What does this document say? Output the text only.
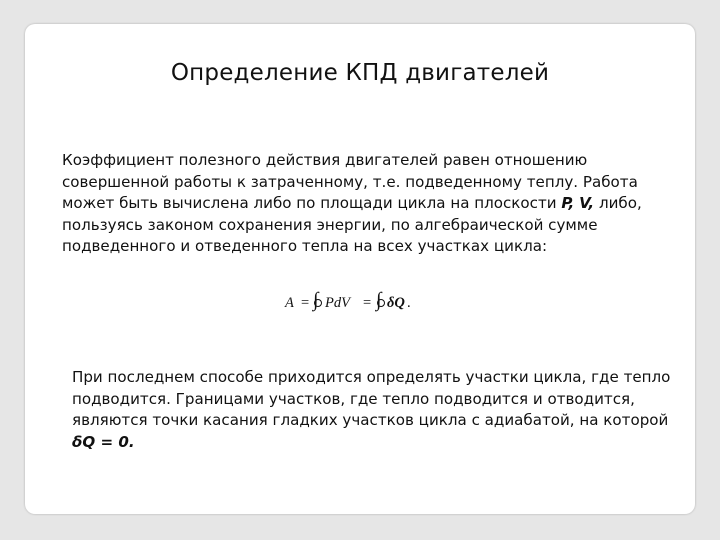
Определение КПД двигателей
Коэффициент полезного действия двигателей равен отношению совершенной работы к затраченному, т.е. подведенному теплу. Работа может быть вычислена либо по площади цикла на плоскости P, V, либо, пользуясь законом сохранения энергии, по алгебраической сумме подведенного и отведенного тепла на всех участках цикла:
A = ∫ PdV = ∫ δQ .
При последнем способе приходится определять участки цикла, где тепло подводится. Границами участков, где тепло подводится и отводится, являются точки касания гладких участков цикла с адиабатой, на которой δQ = 0.
